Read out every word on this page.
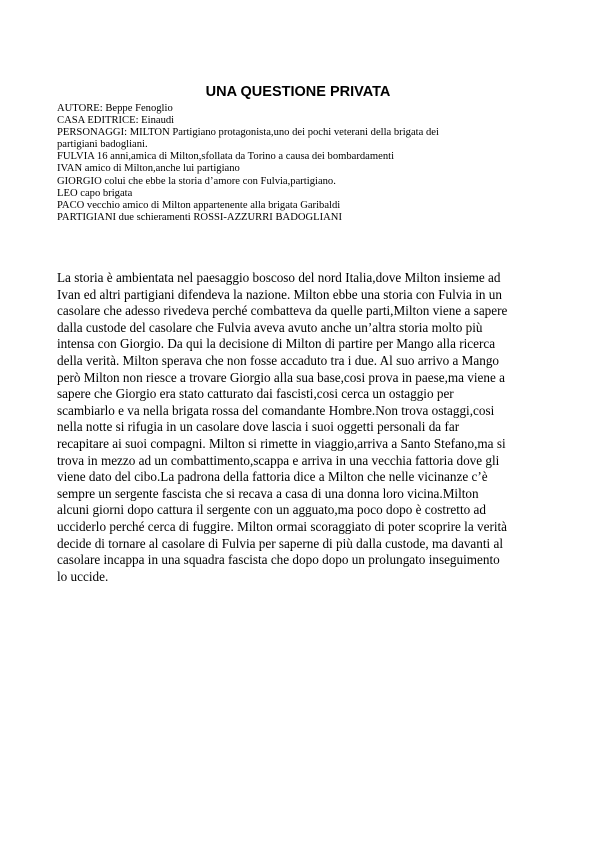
UNA QUESTIONE PRIVATA
AUTORE: Beppe Fenoglio
CASA EDITRICE: Einaudi
PERSONAGGI: MILTON Partigiano protagonista,uno dei pochi veterani della brigata dei
partigiani badogliani.
FULVIA 16 anni,amica di Milton,sfollata da Torino a causa dei bombardamenti
IVAN amico di Milton,anche lui partigiano
GIORGIO colui che ebbe la storia d’amore con Fulvia,partigiano.
LEO capo brigata
PACO vecchio amico di Milton appartenente alla brigata Garibaldi
PARTIGIANI due schieramenti ROSSI-AZZURRI BADOGLIANI
La storia è ambientata nel paesaggio boscoso del nord Italia,dove Milton insieme ad
Ivan ed altri partigiani difendeva la nazione. Milton ebbe una storia con Fulvia in un
casolare che adesso rivedeva perché combatteva da quelle parti,Milton viene a sapere
dalla custode del casolare che Fulvia aveva avuto anche un’altra storia molto più
intensa con Giorgio. Da qui la decisione di Milton di partire per Mango alla ricerca
della verità. Milton sperava che non fosse accaduto tra i due. Al suo arrivo a Mango
però Milton non riesce a trovare Giorgio alla sua base,cosi prova in paese,ma viene a
sapere che Giorgio era stato catturato dai fascisti,cosi cerca un ostaggio per
scambiarlo e va nella brigata rossa del comandante Hombre.Non trova ostaggi,cosi
nella notte si rifugia in un casolare dove lascia i suoi oggetti personali da far
recapitare ai suoi compagni. Milton si rimette in viaggio,arriva a Santo Stefano,ma si
trova in mezzo ad un combattimento,scappa e arriva in una vecchia fattoria dove gli
viene dato del cibo.La padrona della fattoria dice a Milton che nelle vicinanze c’è
sempre un sergente fascista che si recava a casa di una donna loro vicina.Milton
alcuni giorni dopo cattura il sergente con un agguato,ma poco dopo è costretto ad
ucciderlo perché cerca di fuggire. Milton ormai scoraggiato di poter scoprire la verità
decide di tornare al casolare di Fulvia per saperne di più dalla custode, ma davanti al
casolare incappa in una squadra fascista che dopo dopo un prolungato inseguimento
lo uccide.
